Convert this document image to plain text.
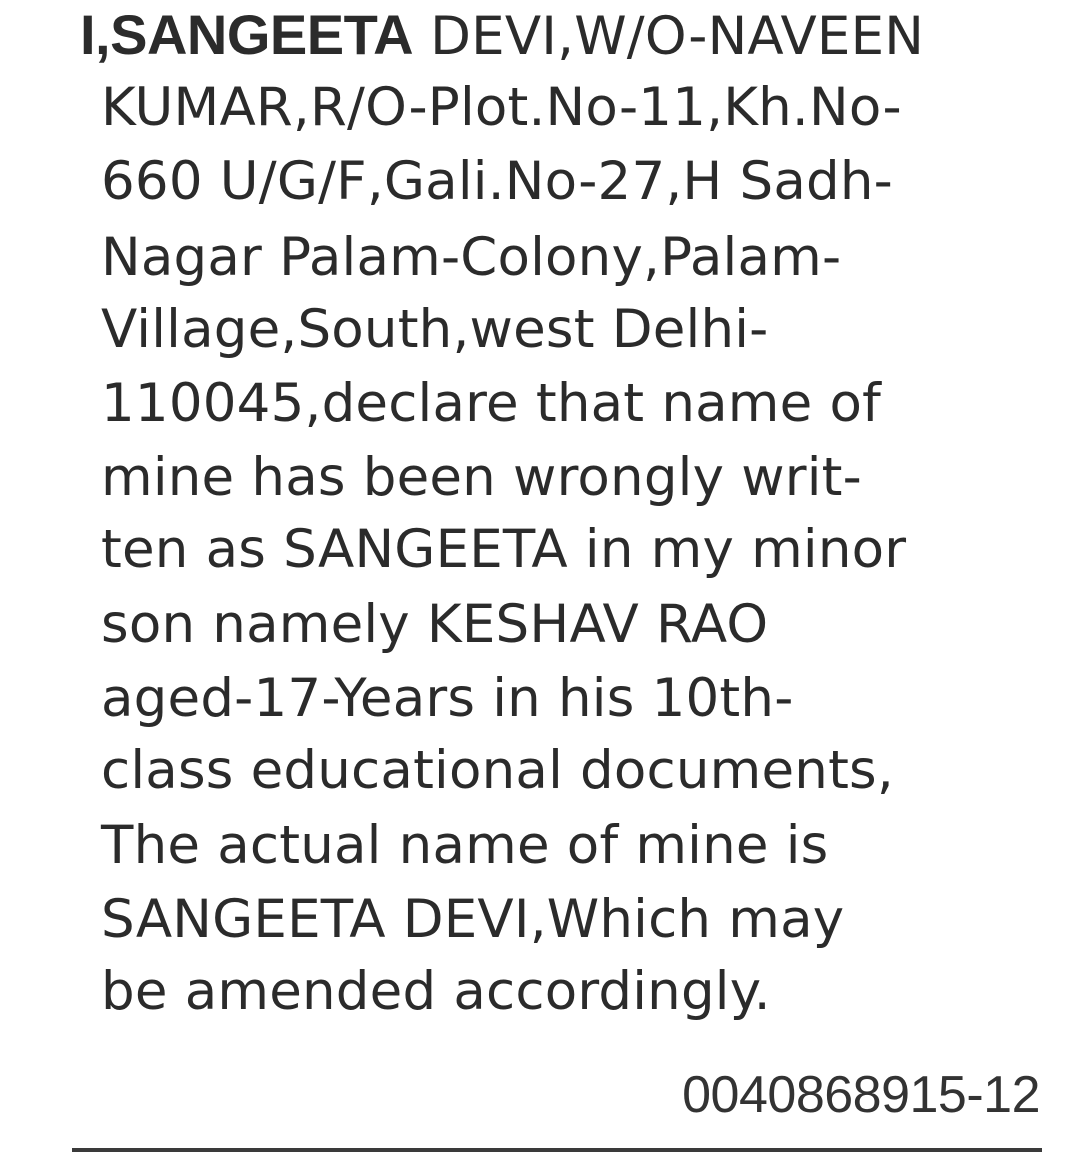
I,SANGEETA DEVI,W/O-NAVEEN
KUMAR,R/O-Plot.No-11,Kh.No-
660 U/G/F,Gali.No-27,H Sadh-
Nagar Palam-Colony,Palam-
Village,South,west Delhi-
110045,declare that name of
mine has been wrongly writ-
ten as SANGEETA in my minor
son namely KESHAV RAO
aged-17-Years in his 10th-
class educational documents,
The actual name of mine is
SANGEETA DEVI,Which may
be amended accordingly.
0040868915-12
